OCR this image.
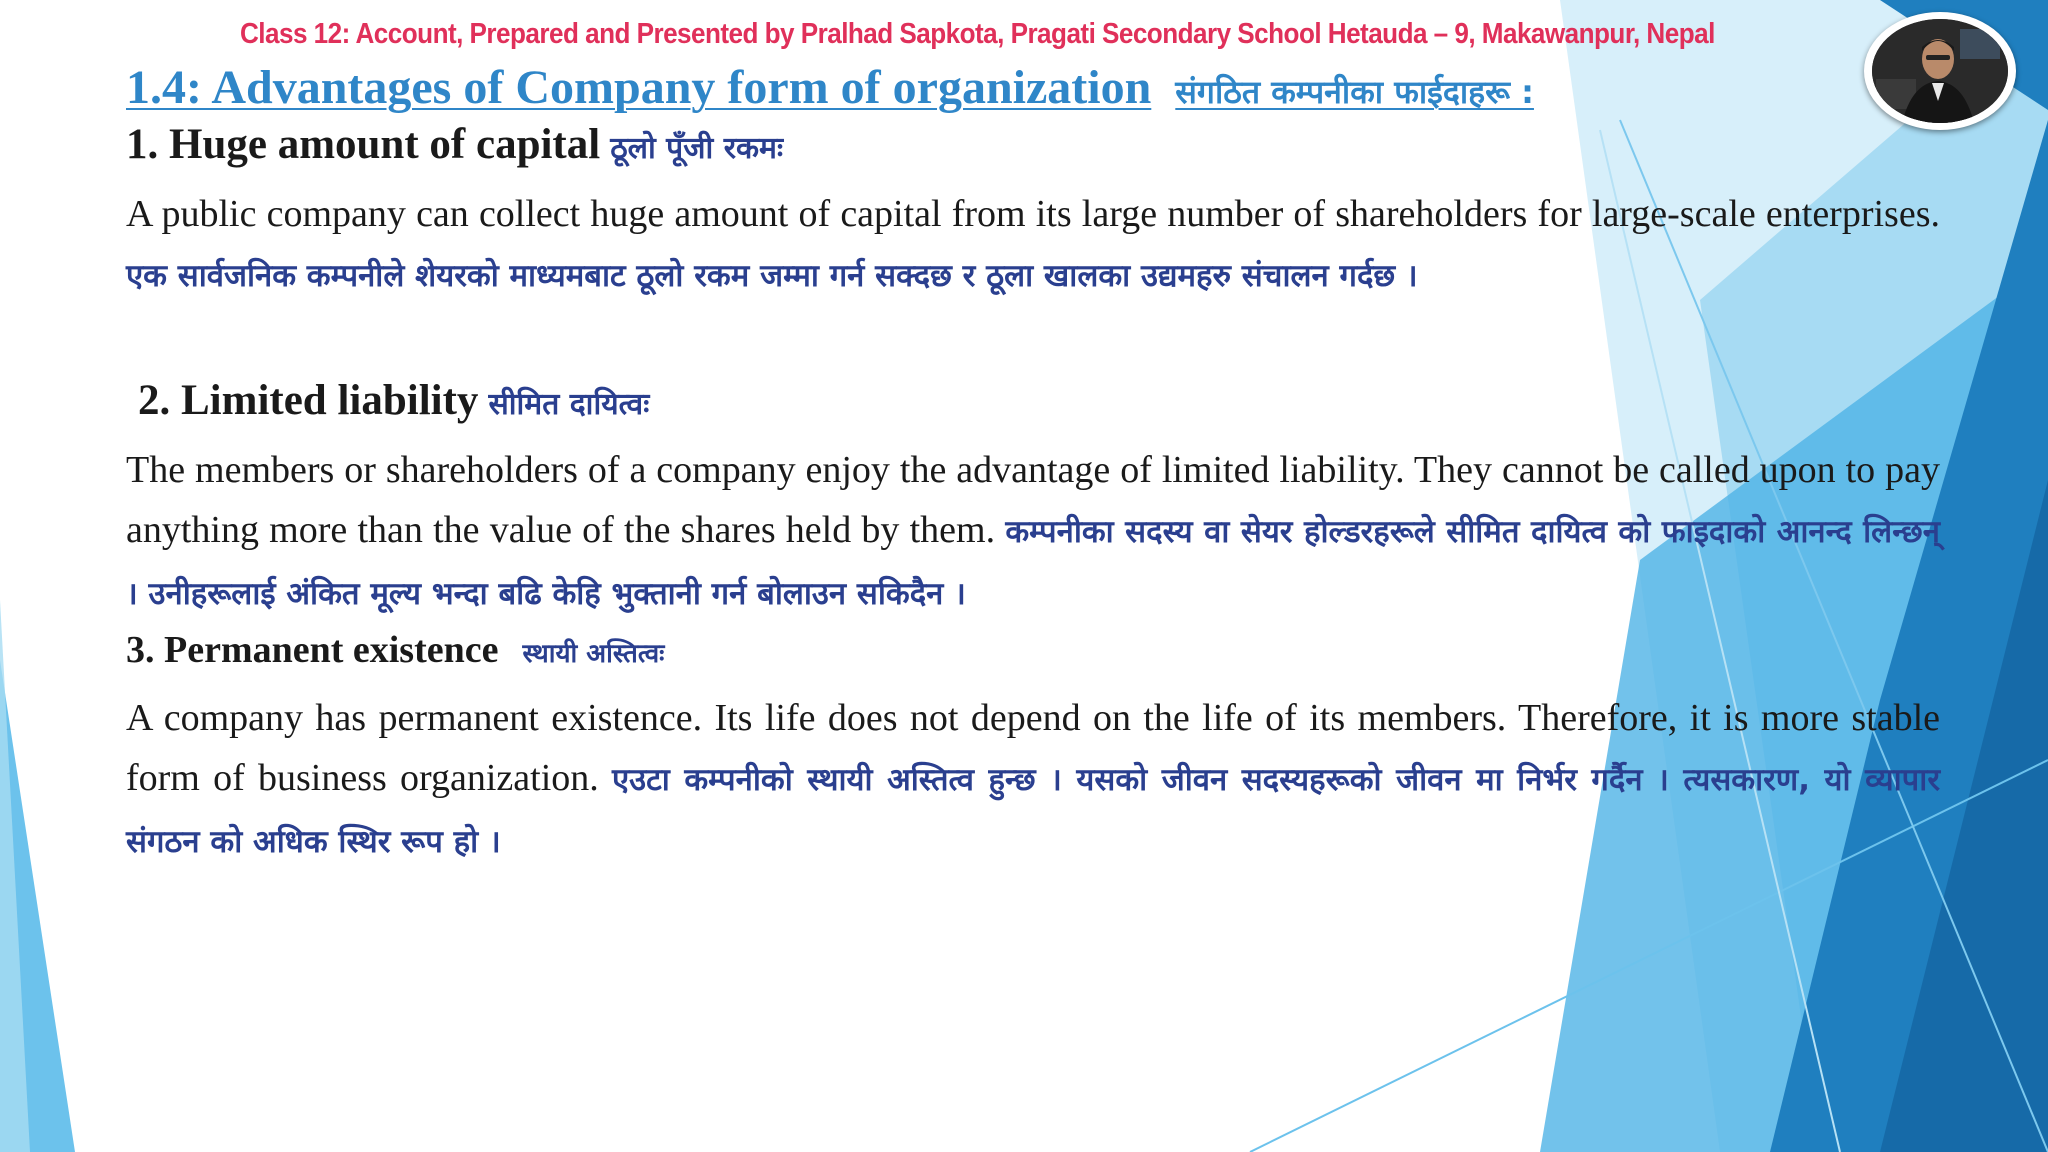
Class 12: Account, Prepared and Presented by Pralhad Sapkota, Pragati Secondary School Hetauda – 9, Makawanpur, Nepal
1.4: Advantages of Company form of organization संगठित कम्पनीका फाईदाहरू :
1. Huge amount of capital ठूलो पूँजी रकमः
A public company can collect huge amount of capital from its large number of shareholders for large-scale enterprises. एक सार्वजनिक कम्पनीले शेयरको माध्यमबाट ठूलो रकम जम्मा गर्न सक्दछ र ठूला खालका उद्यमहरु संचालन गर्दछ ।
2. Limited liability सीमित दायित्वः
The members or shareholders of a company enjoy the advantage of limited liability. They cannot be called upon to pay anything more than the value of the shares held by them. कम्पनीका सदस्य वा सेयर होल्डरहरूले सीमित दायित्व को फाइदाको आनन्द लिन्छन् । उनीहरूलाई अंकित मूल्य भन्दा बढि केहि भुक्तानी गर्न बोलाउन सकिदैन ।
3. Permanent existence स्थायी अस्तित्वः
A company has permanent existence. Its life does not depend on the life of its members. Therefore, it is more stable form of business organization. एउटा कम्पनीको स्थायी अस्तित्व हुन्छ । यसको जीवन सदस्यहरूको जीवन मा निर्भर गर्दैन । त्यसकारण, यो व्यापार संगठन को अधिक स्थिर रूप हो ।
